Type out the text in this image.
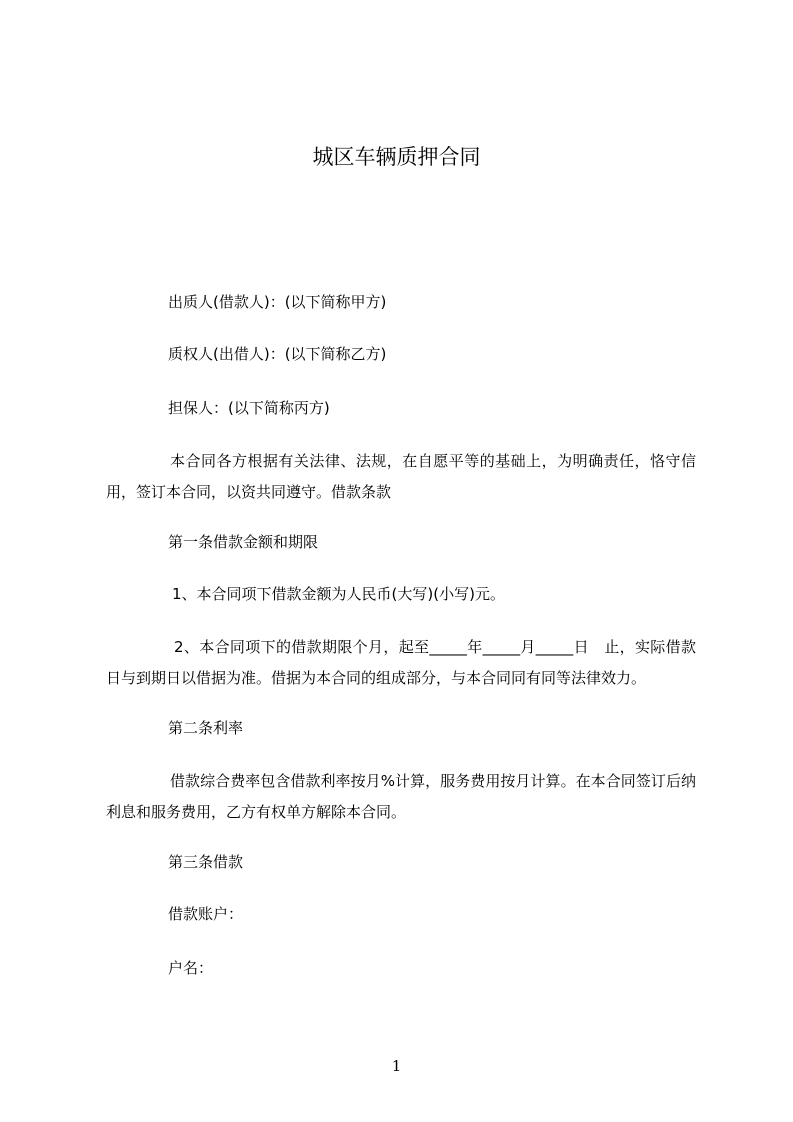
城区车辆质押合同
出质人(借款人)：(以下简称甲方)
质权人(出借人)：(以下简称乙方)
担保人：(以下简称丙方)
本合同各方根据有关法律、法规，在自愿平等的基础上，为明确责任，恪守信用，签订本合同，以资共同遵守。借款条款
第一条借款金额和期限
1、本合同项下借款金额为人民币(大写)(小写)元。
2、本合同项下的借款期限个月，起至_____年_____月_____日　止，实际借款日与到期日以借据为准。借据为本合同的组成部分，与本合同同有同等法律效力。
第二条利率
借款综合费率包含借款利率按月%计算，服务费用按月计算。在本合同签订后纳利息和服务费用，乙方有权单方解除本合同。
第三条借款
借款账户：
户名：
1
